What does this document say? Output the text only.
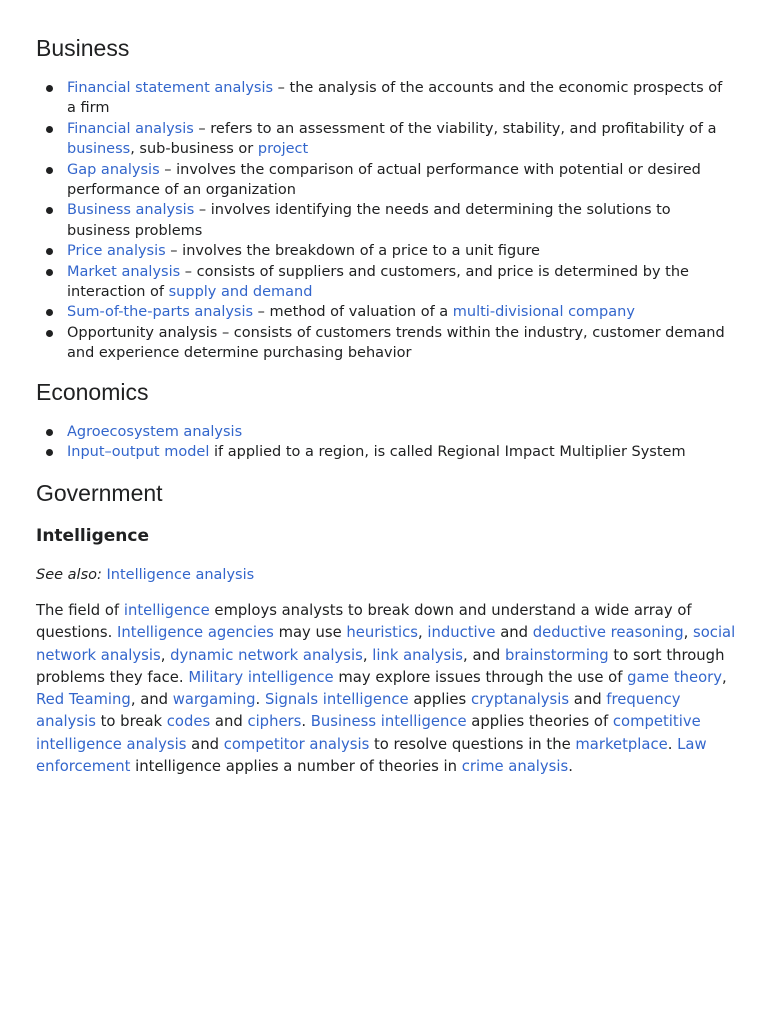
Business
Financial statement analysis – the analysis of the accounts and the economic prospects of a firm
Financial analysis – refers to an assessment of the viability, stability, and profitability of a business, sub-business or project
Gap analysis – involves the comparison of actual performance with potential or desired performance of an organization
Business analysis – involves identifying the needs and determining the solutions to business problems
Price analysis – involves the breakdown of a price to a unit figure
Market analysis – consists of suppliers and customers, and price is determined by the interaction of supply and demand
Sum-of-the-parts analysis – method of valuation of a multi-divisional company
Opportunity analysis – consists of customers trends within the industry, customer demand and experience determine purchasing behavior
Economics
Agroecosystem analysis
Input–output model if applied to a region, is called Regional Impact Multiplier System
Government
Intelligence
See also: Intelligence analysis

The field of intelligence employs analysts to break down and understand a wide array of questions. Intelligence agencies may use heuristics, inductive and deductive reasoning, social network analysis, dynamic network analysis, link analysis, and brainstorming to sort through problems they face. Military intelligence may explore issues through the use of game theory, Red Teaming, and wargaming. Signals intelligence applies cryptanalysis and frequency analysis to break codes and ciphers. Business intelligence applies theories of competitive intelligence analysis and competitor analysis to resolve questions in the marketplace. Law enforcement intelligence applies a number of theories in crime analysis.
